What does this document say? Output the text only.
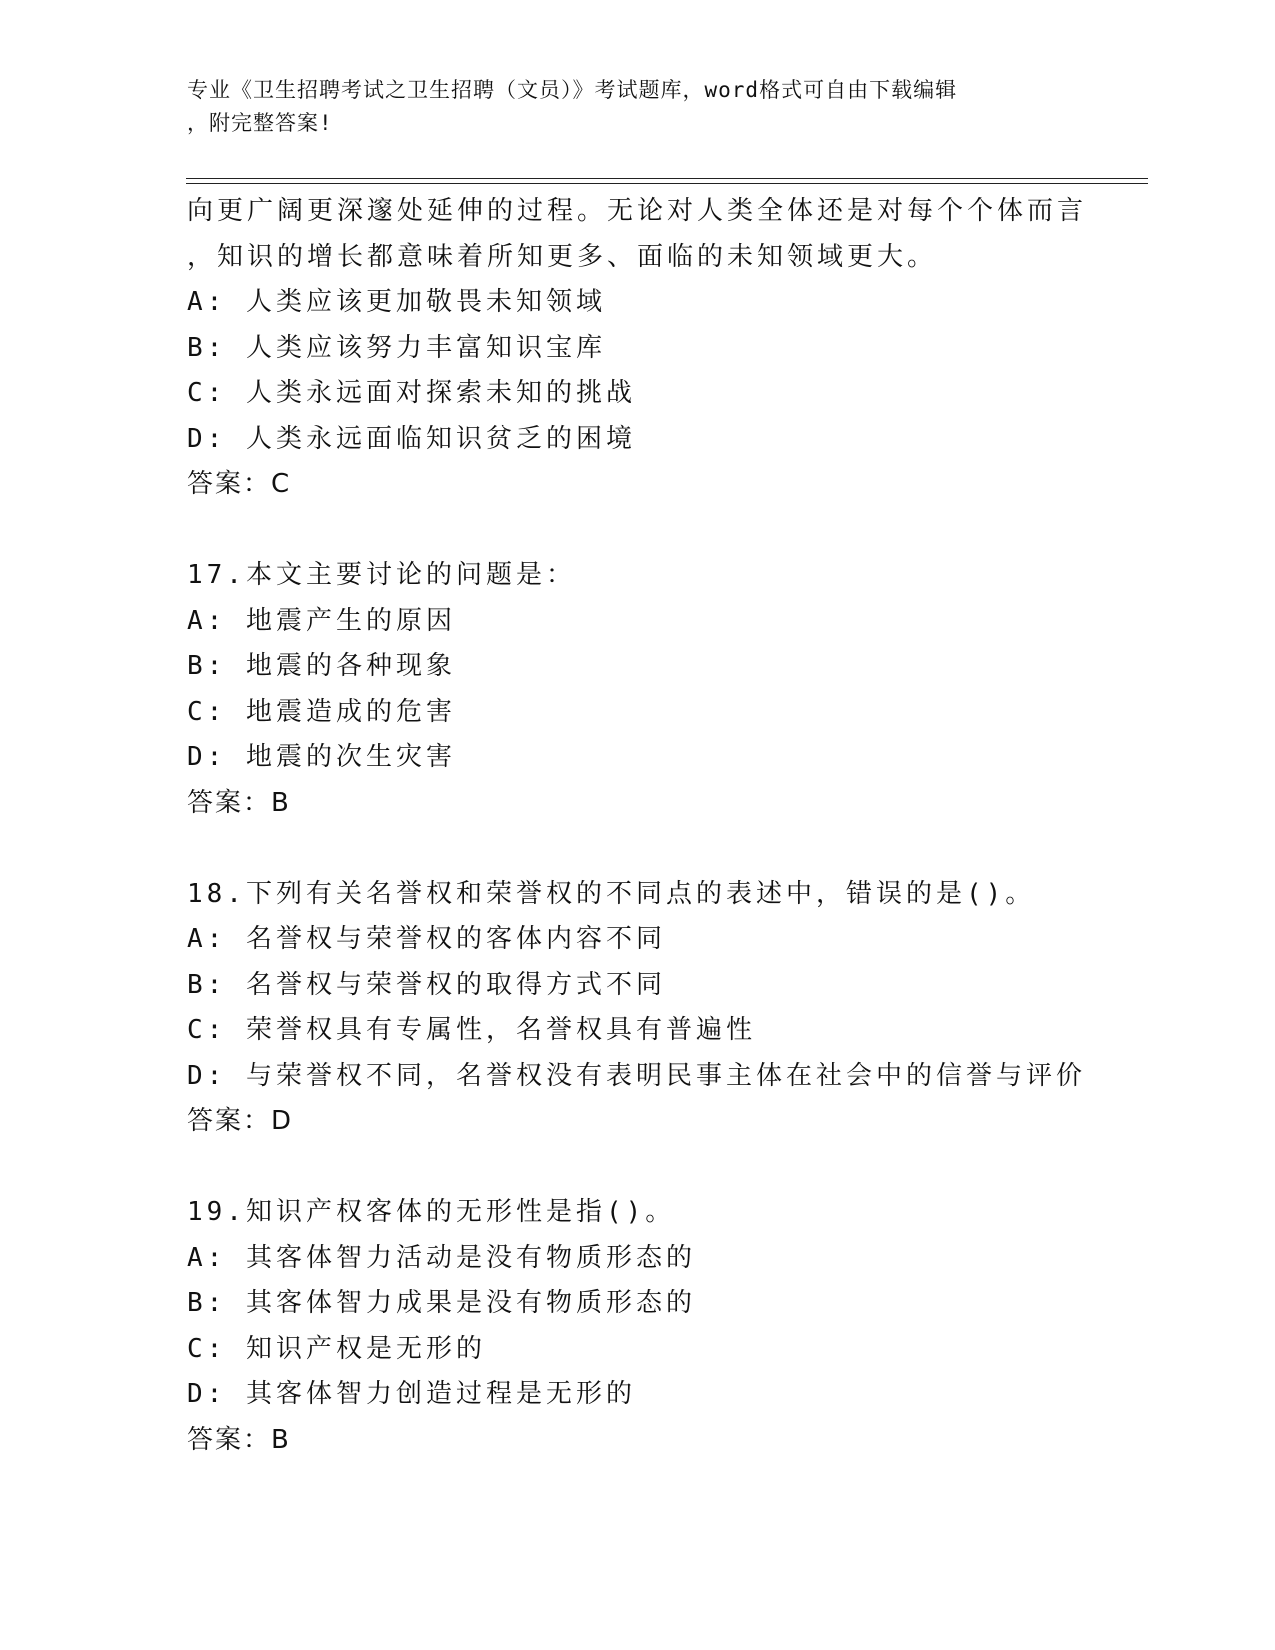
专业《卫生招聘考试之卫生招聘（文员）》考试题库，word格式可自由下载编辑
，附完整答案!
向更广阔更深邃处延伸的过程。无论对人类全体还是对每个个体而言
，知识的增长都意味着所知更多、面临的未知领域更大。
A: 人类应该更加敬畏未知领域
B: 人类应该努力丰富知识宝库
C: 人类永远面对探索未知的挑战
D: 人类永远面临知识贫乏的困境
答案：C
17.本文主要讨论的问题是：
A: 地震产生的原因
B: 地震的各种现象
C: 地震造成的危害
D: 地震的次生灾害
答案：B
18.下列有关名誉权和荣誉权的不同点的表述中，错误的是()。
A: 名誉权与荣誉权的客体内容不同
B: 名誉权与荣誉权的取得方式不同
C: 荣誉权具有专属性，名誉权具有普遍性
D: 与荣誉权不同，名誉权没有表明民事主体在社会中的信誉与评价
答案：D
19.知识产权客体的无形性是指()。
A: 其客体智力活动是没有物质形态的
B: 其客体智力成果是没有物质形态的
C: 知识产权是无形的
D: 其客体智力创造过程是无形的
答案：B
